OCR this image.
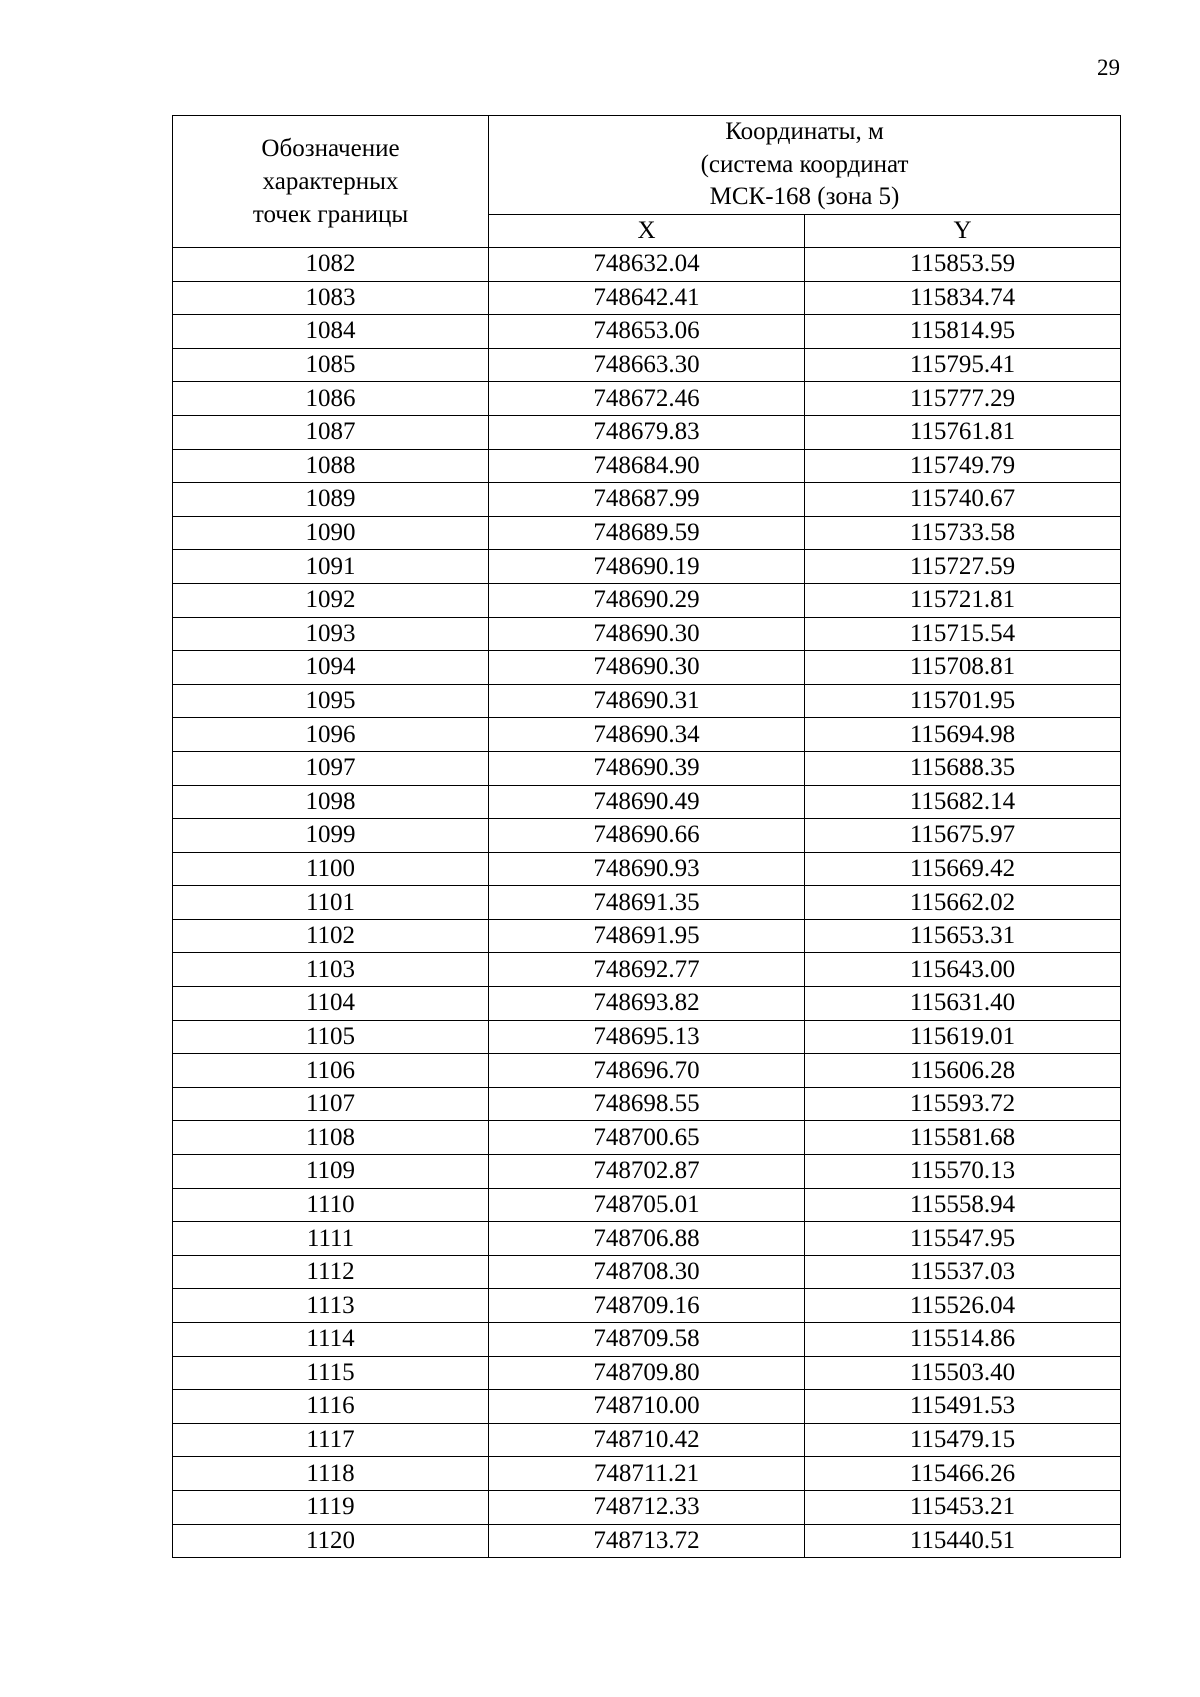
29
Обозначение
характерных
точек границы	Координаты, м
(система координат
МСК-168 (зона 5)	
	X	Y
1082	748632.04	115853.59
1083	748642.41	115834.74
1084	748653.06	115814.95
1085	748663.30	115795.41
1086	748672.46	115777.29
1087	748679.83	115761.81
1088	748684.90	115749.79
1089	748687.99	115740.67
1090	748689.59	115733.58
1091	748690.19	115727.59
1092	748690.29	115721.81
1093	748690.30	115715.54
1094	748690.30	115708.81
1095	748690.31	115701.95
1096	748690.34	115694.98
1097	748690.39	115688.35
1098	748690.49	115682.14
1099	748690.66	115675.97
1100	748690.93	115669.42
1101	748691.35	115662.02
1102	748691.95	115653.31
1103	748692.77	115643.00
1104	748693.82	115631.40
1105	748695.13	115619.01
1106	748696.70	115606.28
1107	748698.55	115593.72
1108	748700.65	115581.68
1109	748702.87	115570.13
1110	748705.01	115558.94
1111	748706.88	115547.95
1112	748708.30	115537.03
1113	748709.16	115526.04
1114	748709.58	115514.86
1115	748709.80	115503.40
1116	748710.00	115491.53
1117	748710.42	115479.15
1118	748711.21	115466.26
1119	748712.33	115453.21
1120	748713.72	115440.51
